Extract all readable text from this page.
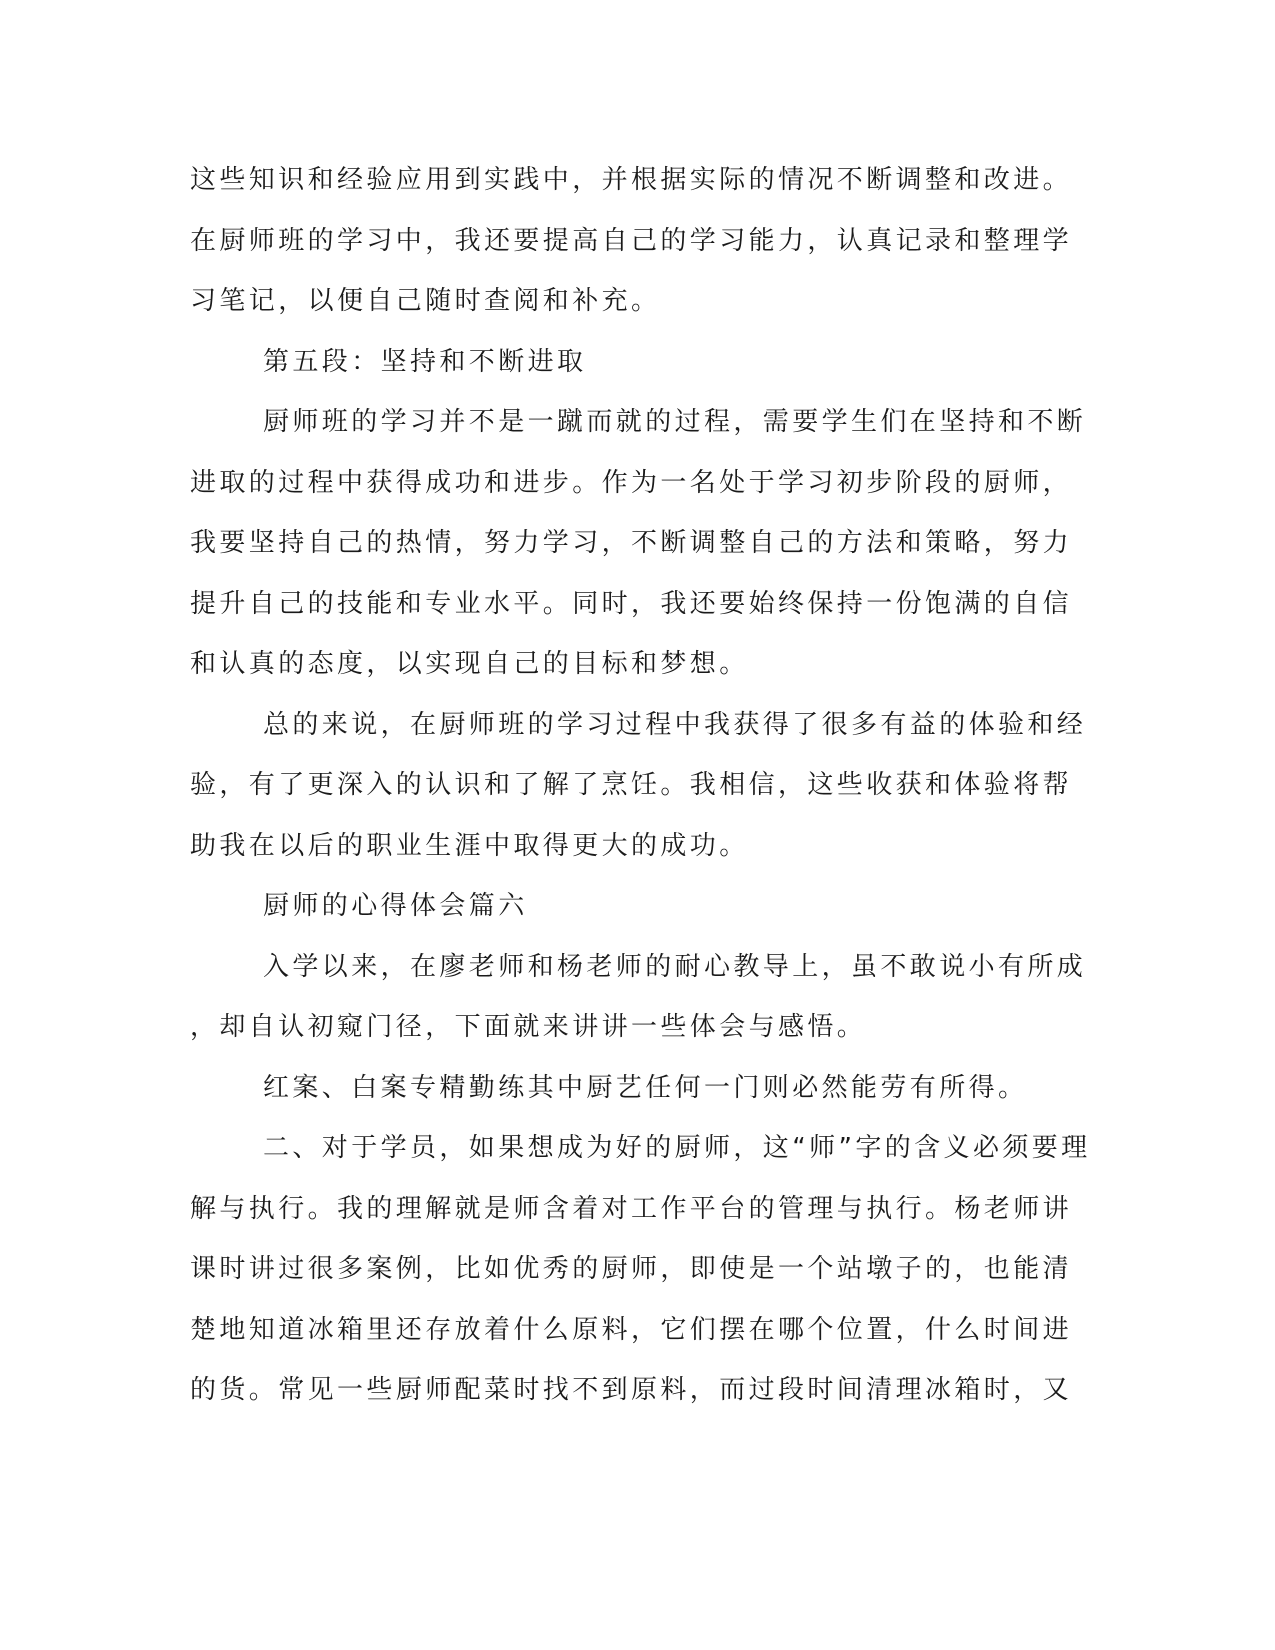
这些知识和经验应用到实践中，并根据实际的情况不断调整和改进。
在厨师班的学习中，我还要提高自己的学习能力，认真记录和整理学
习笔记，以便自己随时查阅和补充。
第五段：坚持和不断进取
厨师班的学习并不是一蹴而就的过程，需要学生们在坚持和不断
进取的过程中获得成功和进步。作为一名处于学习初步阶段的厨师，
我要坚持自己的热情，努力学习，不断调整自己的方法和策略，努力
提升自己的技能和专业水平。同时，我还要始终保持一份饱满的自信
和认真的态度，以实现自己的目标和梦想。
总的来说，在厨师班的学习过程中我获得了很多有益的体验和经
验，有了更深入的认识和了解了烹饪。我相信，这些收获和体验将帮
助我在以后的职业生涯中取得更大的成功。
厨师的心得体会篇六
入学以来，在廖老师和杨老师的耐心教导上，虽不敢说小有所成
，却自认初窥门径，下面就来讲讲一些体会与感悟。
红案、白案专精勤练其中厨艺任何一门则必然能劳有所得。
二、对于学员，如果想成为好的厨师，这“师”字的含义必须要理
解与执行。我的理解就是师含着对工作平台的管理与执行。杨老师讲
课时讲过很多案例，比如优秀的厨师，即使是一个站墩子的，也能清
楚地知道冰箱里还存放着什么原料，它们摆在哪个位置，什么时间进
的货。常见一些厨师配菜时找不到原料，而过段时间清理冰箱时，又
